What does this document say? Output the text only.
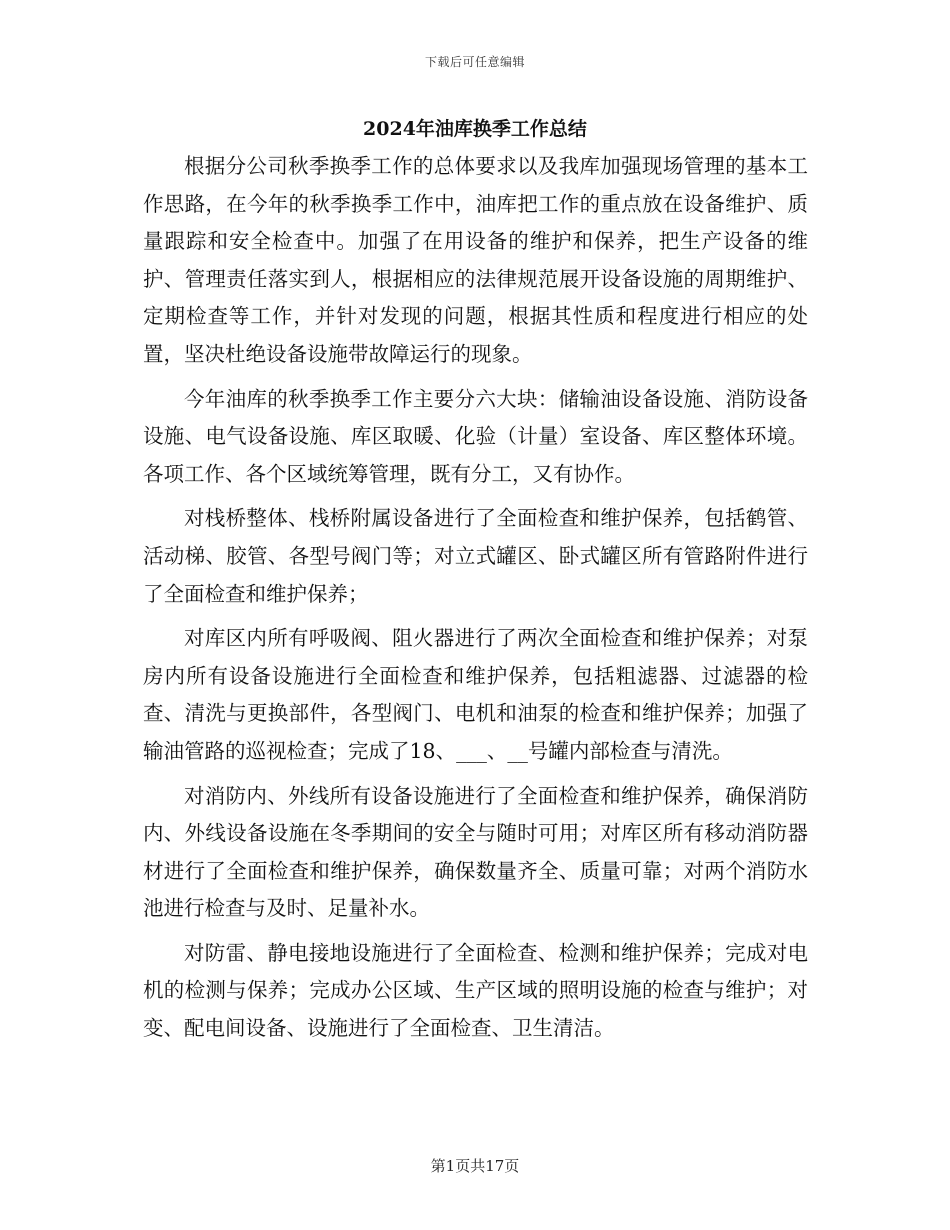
下载后可任意编辑
2024年油库换季工作总结

根据分公司秋季换季工作的总体要求以及我库加强现场管理的基本工作思路，在今年的秋季换季工作中，油库把工作的重点放在设备维护、质量跟踪和安全检查中。加强了在用设备的维护和保养，把生产设备的维护、管理责任落实到人，根据相应的法律规范展开设备设施的周期维护、定期检查等工作，并针对发现的问题，根据其性质和程度进行相应的处置，坚决杜绝设备设施带故障运行的现象。

今年油库的秋季换季工作主要分六大块：储输油设备设施、消防设备设施、电气设备设施、库区取暖、化验（计量）室设备、库区整体环境。各项工作、各个区域统筹管理，既有分工，又有协作。

对栈桥整体、栈桥附属设备进行了全面检查和维护保养，包括鹤管、活动梯、胶管、各型号阀门等；对立式罐区、卧式罐区所有管路附件进行了全面检查和维护保养；

对库区内所有呼吸阀、阻火器进行了两次全面检查和维护保养；对泵房内所有设备设施进行全面检查和维护保养，包括粗滤器、过滤器的检查、清洗与更换部件，各型阀门、电机和油泵的检查和维护保养；加强了输油管路的巡视检查；完成了18、___、__号罐内部检查与清洗。

对消防内、外线所有设备设施进行了全面检查和维护保养，确保消防内、外线设备设施在冬季期间的安全与随时可用；对库区所有移动消防器材进行了全面检查和维护保养，确保数量齐全、质量可靠；对两个消防水池进行检查与及时、足量补水。

对防雷、静电接地设施进行了全面检查、检测和维护保养；完成对电机的检测与保养；完成办公区域、生产区域的照明设施的检查与维护；对变、配电间设备、设施进行了全面检查、卫生清洁。

第1页共17页
